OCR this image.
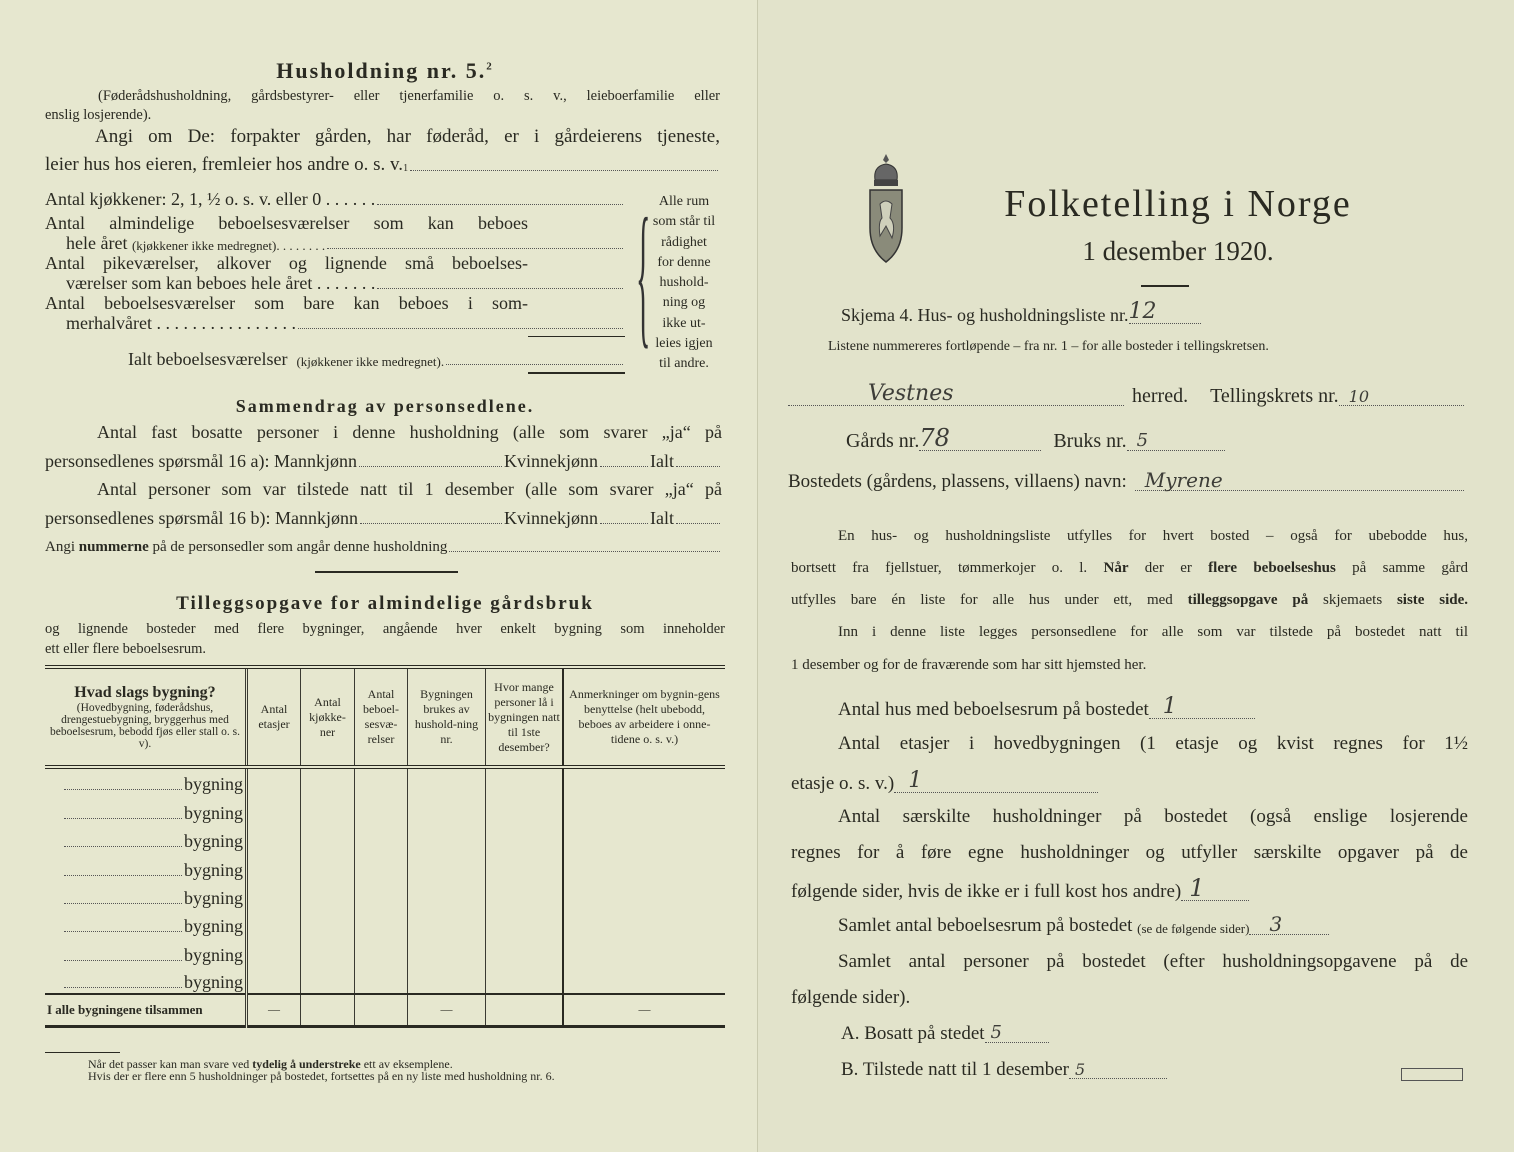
Husholdning nr. 5.$^2$
(Føderådshusholdning, gårdsbestyrer- eller tjenerfamilie o. s. v., leieboerfamilie eller
enslig losjerende).
Angi om De: forpakter gården, har føderåd, er i gårdeierens tjeneste,
leier hus hos eieren, fremleier hos andre o. s. $v._1$
Antal kjøkkener: 2, 1, ½ o. s. v. eller 0 . . . . . .
Antal almindelige beboelsesværelser som kan beboes
hele året
(kjøkkener ikke medregnet). . . . . . . .
Antal pikeværelser, alkover og lignende små beboelses-
værelser som kan beboes hele året . . . . . . .
Antal beboelsesværelser som bare kan beboes i som-
merhalvåret . . . . . . . . . . . . . . . .
Ialt beboelsesværelser
(kjøkkener ikke medregnet).	{ Alle rum
som står til
rådighet
for denne
hushold-
ning og
ikke ut-
leies igjen
til andre.
Sammendrag av personsedlene.
Antal fast bosatte personer i denne husholdning (alle som svarer „ja“ på
personsedlenes spørsmål 16 a): Mannkjønn	Kvinnekjønn	Ialt
Antal personer som var tilstede natt til 1 desember (alle som svarer „ja“ på
personsedlenes spørsmål 16 b): Mannkjønn	Kvinnekjønn	Ialt
Angi
nummerne
på de personsedler som angår denne husholdning
Tilleggsopgave for almindelige gårdsbruk
og lignende bosteder med flere bygninger, angående hver enkelt bygning som inneholder
ett eller flere beboelsesrum.
Hvad slags bygning?
(Hovedbygning, føderådshus, drengestuebygning, bryggerhus med beboelsesrum, bebodd fjøs eller stall o. s. v).	Antal etasjer	Antal kjøkke-ner	Antal beboel-sesvæ-relser	Bygningen brukes av hushold-ning nr.	Hvor mange personer lå i bygningen natt til 1ste desember?	Anmerkninger om bygnin-gens benyttelse (helt ubebodd, beboes av arbeidere i onne-tidene o. s. v.)
bygning						
bygning						
bygning						
bygning						
bygning						
bygning						
bygning						
bygning						
I alle bygningene tilsammen	—			—		—
Når det passer kan man svare ved tydelig å understreke ett av eksemplene.
Hvis der er flere enn 5 husholdninger på bostedet, fortsettes på en ny liste med husholdning nr. 6.
Folketelling i Norge
1 desember 1920.
Skjema 4. Hus- og husholdningsliste nr. 12
Listene nummereres fortløpende – fra nr. 1 – for alle bosteder i tellingskretsen.
Vestnes	herred. Tellingskrets nr. 10
Gårds nr. 78	Bruks nr. 5
Bostedets (gårdens, plassens, villaens) navn: Myrene
En hus- og husholdningsliste utfylles for hvert bosted – også for ubebodde hus,
bortsett fra fjellstuer, tømmerkojer o. l. Når der er flere beboelseshus på samme gård
utfylles bare én liste for alle hus under ett, med tilleggsopgave på skjemaets siste side.
Inn i denne liste legges personsedlene for alle som var tilstede på bostedet natt til
1 desember og for de fraværende som har sitt hjemsted her.
Antal hus med beboelsesrum på bostedet 1
Antal etasjer i hovedbygningen (1 etasje og kvist regnes for 1½
etasje o. s. v.) 1
Antal særskilte husholdninger på bostedet (også enslige losjerende
regnes for å føre egne husholdninger og utfyller særskilte opgaver på de
følgende sider, hvis de ikke er i full kost hos andre) 1
Samlet antal beboelsesrum på bostedet
(se de følgende sider)	3
Samlet antal personer på bostedet (efter husholdningsopgavene på de
følgende sider).
A. Bosatt på stedet 5
B. Tilstede natt til 1 desember 5
